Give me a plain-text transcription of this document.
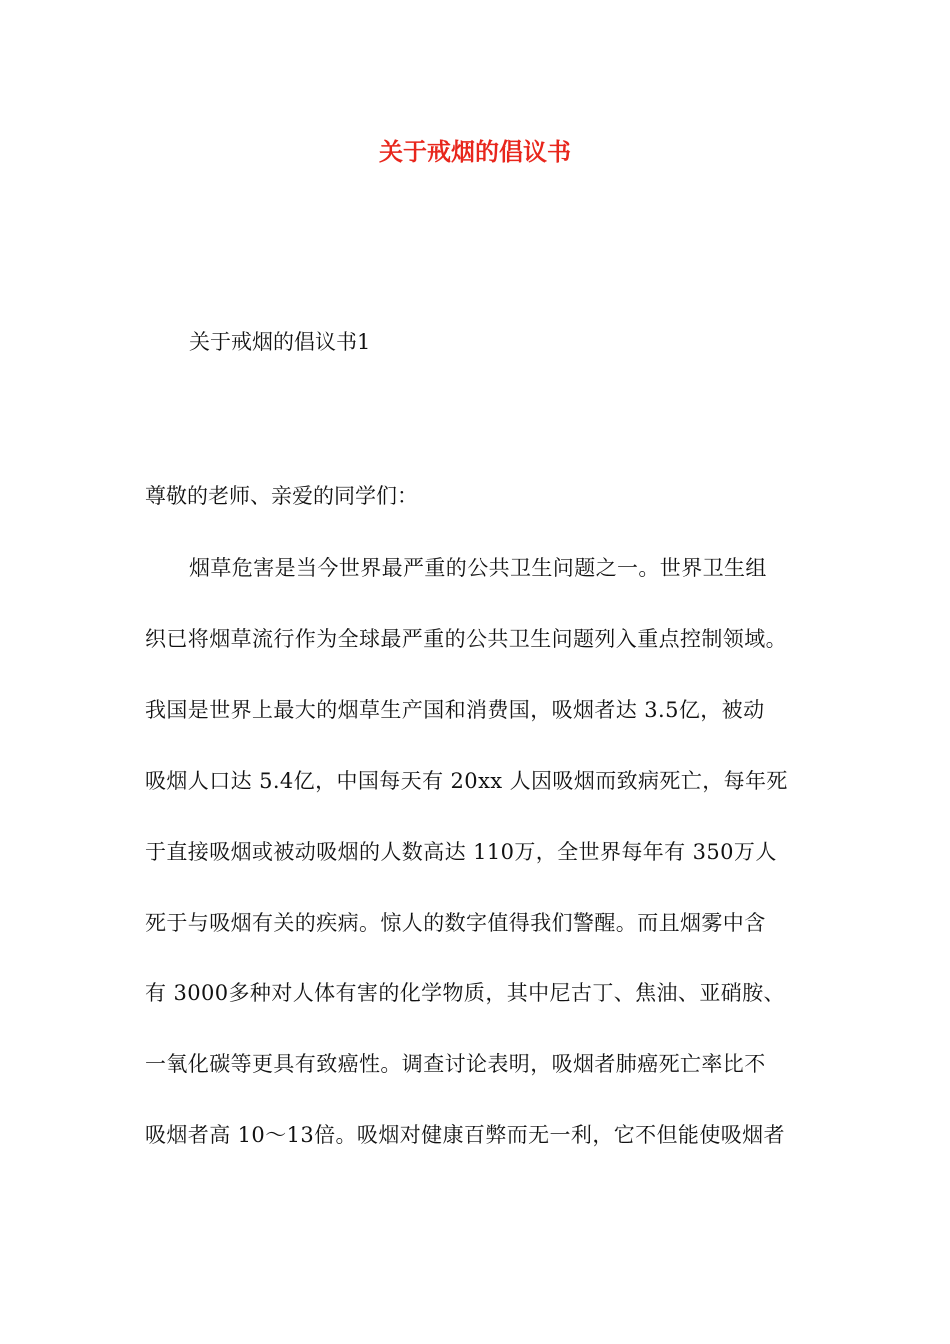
关于戒烟的倡议书
关于戒烟的倡议书1
尊敬的老师、亲爱的同学们：
烟草危害是当今世界最严重的公共卫生问题之一。世界卫生组
织已将烟草流行作为全球最严重的公共卫生问题列入重点控制领域。
我国是世界上最大的烟草生产国和消费国，吸烟者达 3.5亿，被动
吸烟人口达 5.4亿，中国每天有 20xx 人因吸烟而致病死亡，每年死
于直接吸烟或被动吸烟的人数高达 110万，全世界每年有 350万人
死于与吸烟有关的疾病。惊人的数字值得我们警醒。而且烟雾中含
有 3000多种对人体有害的化学物质，其中尼古丁、焦油、亚硝胺、
一氧化碳等更具有致癌性。调查讨论表明，吸烟者肺癌死亡率比不
吸烟者高 10～13倍。吸烟对健康百弊而无一利，它不但能使吸烟者
